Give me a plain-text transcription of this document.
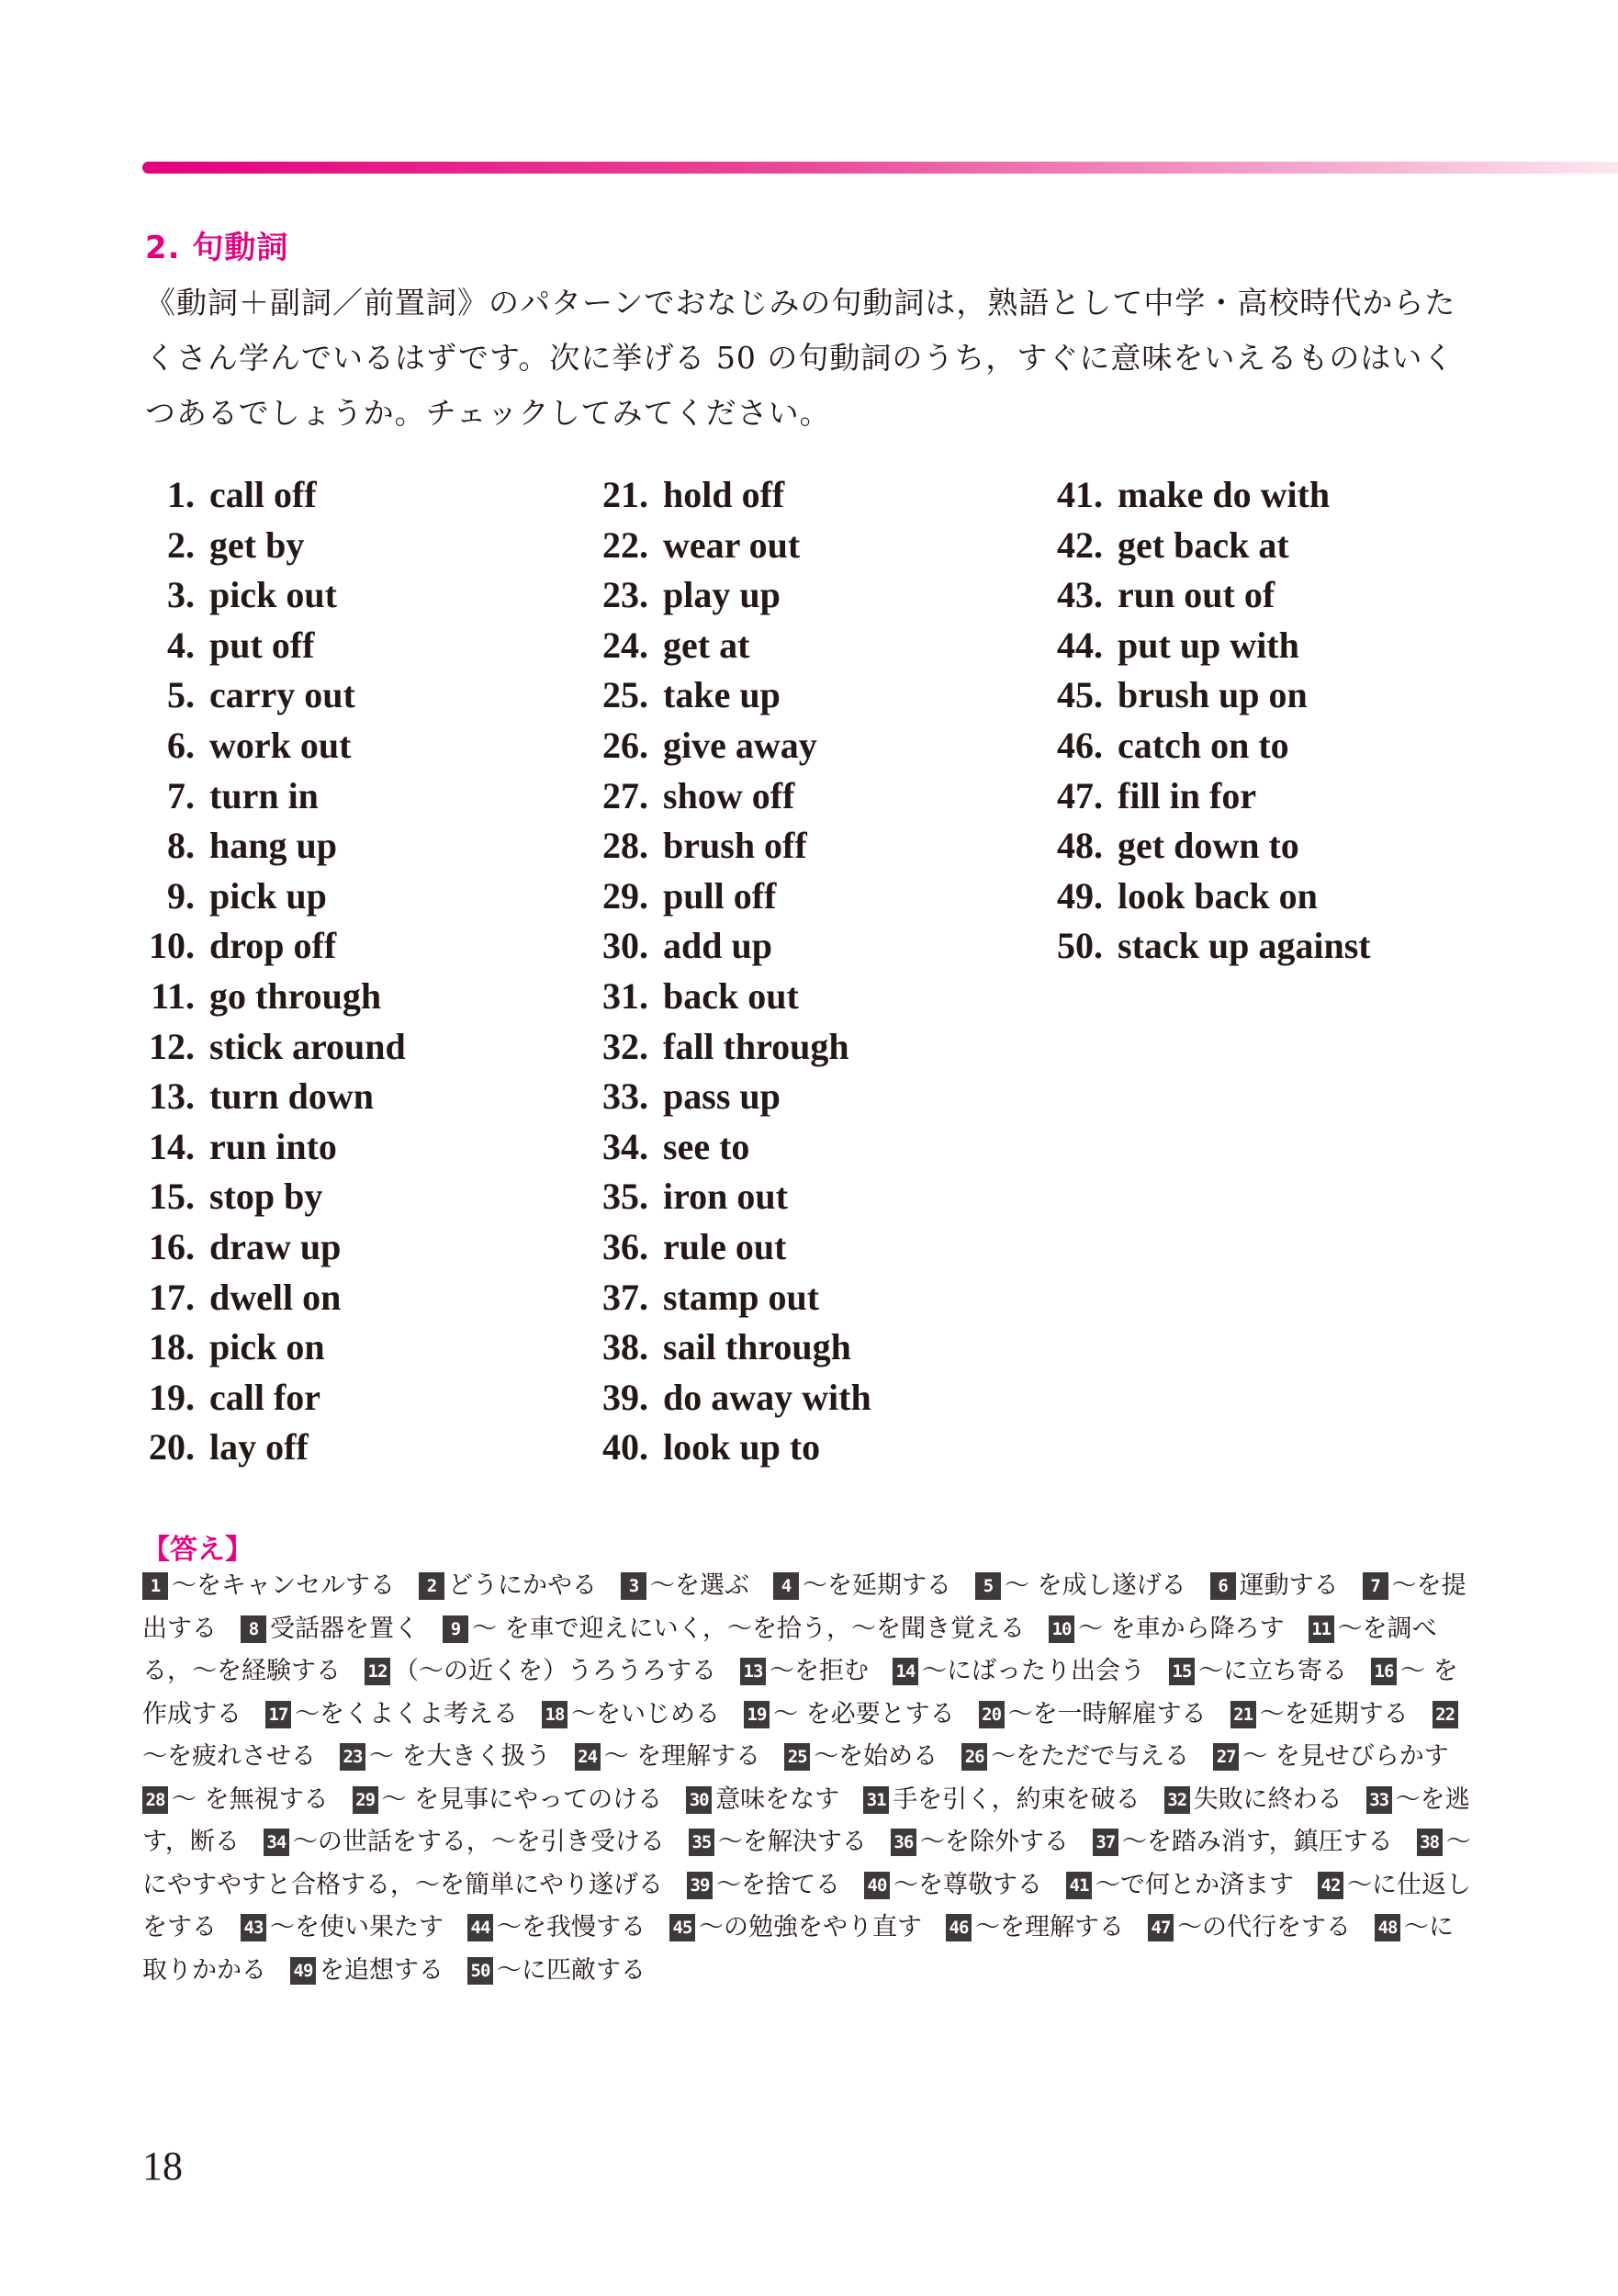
2. 句動詞

《動詞＋副詞／前置詞》のパターンでおなじみの句動詞は，熟語として中学・高校時代からた

くさん学んでいるはずです。次に挙げる 50 の句動詞のうち，すぐに意味をいえるものはいく

つあるでしょうか。チェックしてみてください。

1. call off
2. get by
3. pick out
4. put off
5. carry out
6. work out
7. turn in
8. hang up
9. pick up
10. drop off
11. go through
12. stick around
13. turn down
14. run into
15. stop by
16. draw up
17. dwell on
18. pick on
19. call for
20. lay off
21. hold off
22. wear out
23. play up
24. get at
25. take up
26. give away
27. show off
28. brush off
29. pull off
30. add up
31. back out
32. fall through
33. pass up
34. see to
35. iron out
36. rule out
37. stamp out
38. sail through
39. do away with
40. look up to
41. make do with
42. get back at
43. run out of
44. put up with
45. brush up on
46. catch on to
47. fill in for
48. get down to
49. look back on
50. stack up against
【答え】
1 ～をキャンセルする 2 どうにかやる 3 ～を選ぶ 4 ～を延期する 5 ～ を成し遂げる 6 運動する 7 ～を提出する 8 受話器を置く 9 ～ を車で迎えにいく，～を拾う，～を聞き覚える 10 ～ を車から降ろす 11 ～を調べる，～を経験する 12 （～の近くを）うろうろする 13 ～を拒む 14 ～にばったり出会う 15 ～に立ち寄る 16 ～ を作成する 17 ～をくよくよ考える 18 ～をいじめる 19 ～ を必要とする 20 ～を一時解雇する 21 ～を延期する 22～を疲れさせる 23 ～ を大きく扱う 24 ～ を理解する 25 ～を始める 26 ～をただで与える 27 ～ を見せびらかす28 ～ を無視する 29 ～ を見事にやってのける 30 意味をなす 31 手を引く，約束を破る 32 失敗に終わる 33 ～を逃す，断る 34 ～の世話をする，～を引き受ける 35 ～を解決する 36 ～を除外する 37 ～を踏み消す，鎮圧する 38 ～にやすやすと合格する，～を簡単にやり遂げる 39 ～を捨てる 40 ～を尊敬する 41 ～で何とか済ます 42 ～に仕返しをする 43 ～を使い果たす 44 ～を我慢する 45 ～の勉強をやり直す 46 ～を理解する 47 ～の代行をする 48 ～に取りかかる 49 を追想する 50 ～に匹敵する
18
